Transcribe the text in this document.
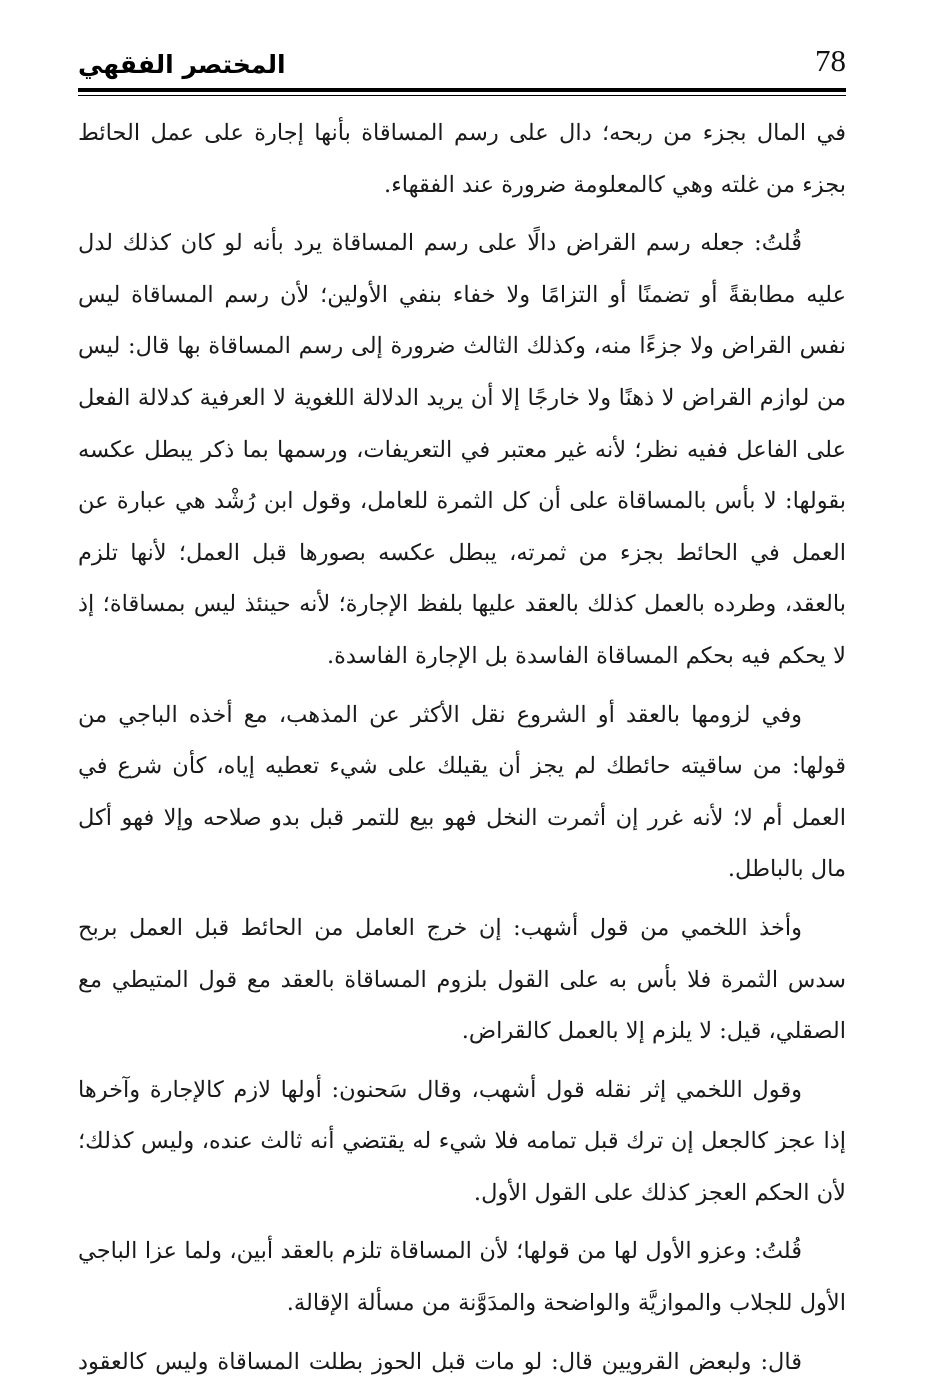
78
المختصر الفقهي

في المال بجزء من ربحه؛ دال على رسم المساقاة بأنها إجارة على عمل الحائط بجزء من غلته وهي كالمعلومة ضرورة عند الفقهاء.

قُلتُ: جعله رسم القراض دالًا على رسم المساقاة يرد بأنه لو كان كذلك لدل عليه مطابقةً أو تضمنًا أو التزامًا ولا خفاء بنفي الأولين؛ لأن رسم المساقاة ليس نفس القراض ولا جزءًا منه، وكذلك الثالث ضرورة إلى رسم المساقاة بها قال: ليس من لوازم القراض لا ذهنًا ولا خارجًا إلا أن يريد الدلالة اللغوية لا العرفية كدلالة الفعل على الفاعل ففيه نظر؛ لأنه غير معتبر في التعريفات، ورسمها بما ذكر يبطل عكسه بقولها: لا بأس بالمساقاة على أن كل الثمرة للعامل، وقول ابن رُشْد هي عبارة عن العمل في الحائط بجزء من ثمرته، يبطل عكسه بصورها قبل العمل؛ لأنها تلزم بالعقد، وطرده بالعمل كذلك بالعقد عليها بلفظ الإجارة؛ لأنه حينئذ ليس بمساقاة؛ إذ لا يحكم فيه بحكم المساقاة الفاسدة بل الإجارة الفاسدة.

وفي لزومها بالعقد أو الشروع نقل الأكثر عن المذهب، مع أخذه الباجي من قولها: من ساقيته حائطك لم يجز أن يقيلك على شيء تعطيه إياه، كأن شرع في العمل أم لا؛ لأنه غرر إن أثمرت النخل فهو بيع للتمر قبل بدو صلاحه وإلا فهو أكل مال بالباطل.

وأخذ اللخمي من قول أشهب: إن خرج العامل من الحائط قبل العمل بربح سدس الثمرة فلا بأس به على القول بلزوم المساقاة بالعقد مع قول المتيطي مع الصقلي، قيل: لا يلزم إلا بالعمل كالقراض.

وقول اللخمي إثر نقله قول أشهب، وقال سَحنون: أولها لازم كالإجارة وآخرها إذا عجز كالجعل إن ترك قبل تمامه فلا شيء له يقتضي أنه ثالث عنده، وليس كذلك؛ لأن الحكم العجز كذلك على القول الأول.

قُلتُ: وعزو الأول لها من قولها؛ لأن المساقاة تلزم بالعقد أبين، ولما عزا الباجي الأول للجلاب والموازيَّة والواضحة والمدَوَّنة من مسألة الإقالة.

قال: ولبعض القرويين قال: لو مات قبل الحوز بطلت المساقاة وليس كالعقود
